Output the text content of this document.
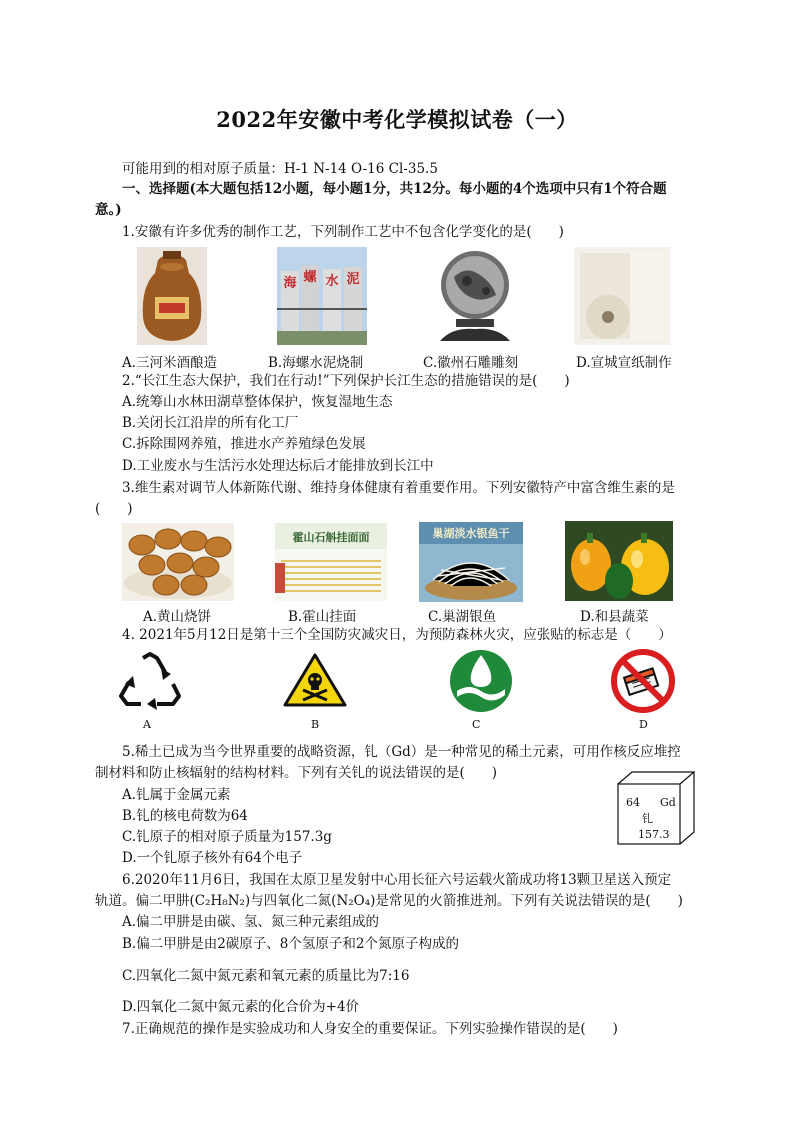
2022年安徽中考化学模拟试卷（一）
可能用到的相对原子质量：H-1 N-14 O-16 Cl-35.5
一、选择题(本大题包括12小题，每小题1分，共12分。每小题的4个选项中只有1个符合题
意。)
1.安徽有许多优秀的制作工艺，下列制作工艺中不包含化学变化的是(　　)
海 螺 水 泥
A.三河米酒酿造	B.海螺水泥烧制	C.徽州石雕雕刻	D.宣城宣纸制作
2.“长江生态大保护，我们在行动!”下列保护长江生态的措施错误的是(　　)
A.统筹山水林田湖草整体保护，恢复湿地生态
B.关闭长江沿岸的所有化工厂
C.拆除围网养殖，推进水产养殖绿色发展
D.工业废水与生活污水处理达标后才能排放到长江中
3.维生素对调节人体新陈代谢、维持身体健康有着重要作用。下列安徽特产中富含维生素的是
(　　)
霍山石斛挂面面	巢湖淡水银鱼干
A.黄山烧饼	B.霍山挂面	C.巢湖银鱼	D.和县蔬菜
4. 2021年5月12日是第十三个全国防灾减灾日，为预防森林火灾，应张贴的标志是（　　）
A	B	C	D
5.稀土已成为当今世界重要的战略资源，钆（Gd）是一种常见的稀土元素，可用作核反应堆控
制材料和防止核辐射的结构材料。下列有关钆的说法错误的是(　　)
A.钆属于金属元素
B.钆的核电荷数为64
C.钆原子的相对原子质量为157.3g
D.一个钆原子核外有64个电子
64 Gd
钆
157.3
6.2020年11月6日，我国在太原卫星发射中心用长征六号运载火箭成功将13颗卫星送入预定
轨道。偏二甲肼(C₂H₈N₂)与四氧化二氮(N₂O₄)是常见的火箭推进剂。下列有关说法错误的是(　　)
A.偏二甲肼是由碳、氢、氮三种元素组成的
B.偏二甲肼是由2碳原子、8个氢原子和2个氮原子构成的
C.四氧化二氮中氮元素和氧元素的质量比为7:16
D.四氧化二氮中氮元素的化合价为+4价
7.正确规范的操作是实验成功和人身安全的重要保证。下列实验操作错误的是(　　)
